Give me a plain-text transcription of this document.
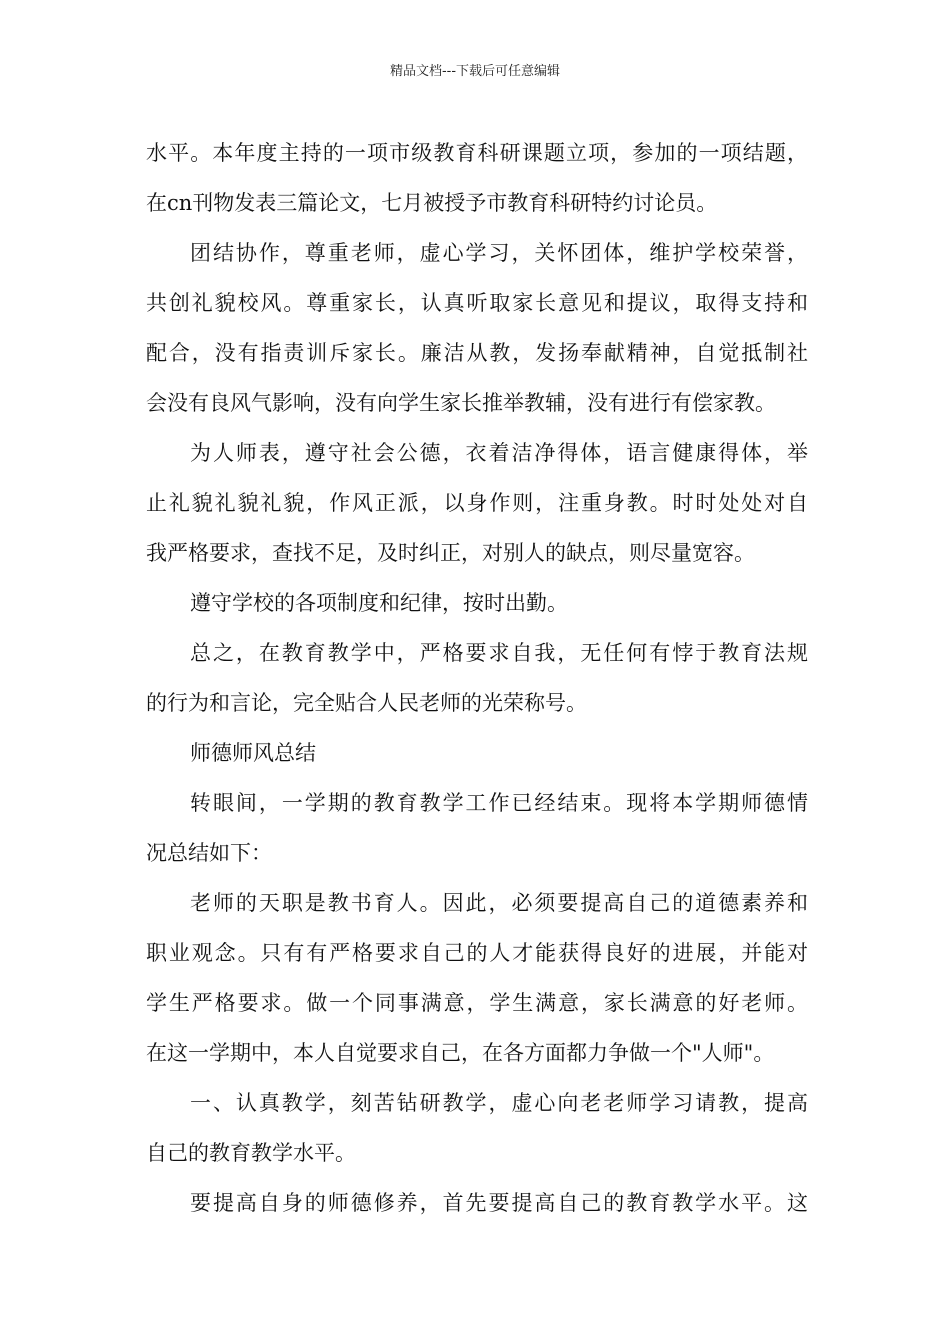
精品文档---下载后可任意编辑
水平。本年度主持的一项市级教育科研课题立项，参加的一项结题，
在cn刊物发表三篇论文，七月被授予市教育科研特约讨论员。
团结协作，尊重老师，虚心学习，关怀团体，维护学校荣誉，
共创礼貌校风。尊重家长，认真听取家长意见和提议，取得支持和
配合，没有指责训斥家长。廉洁从教，发扬奉献精神，自觉抵制社
会没有良风气影响，没有向学生家长推举教辅，没有进行有偿家教。
为人师表，遵守社会公德，衣着洁净得体，语言健康得体，举
止礼貌礼貌礼貌，作风正派，以身作则，注重身教。时时处处对自
我严格要求，查找不足，及时纠正，对别人的缺点，则尽量宽容。
遵守学校的各项制度和纪律，按时出勤。
总之，在教育教学中，严格要求自我，无任何有悖于教育法规
的行为和言论，完全贴合人民老师的光荣称号。
师德师风总结
转眼间，一学期的教育教学工作已经结束。现将本学期师德情
况总结如下：
老师的天职是教书育人。因此，必须要提高自己的道德素养和
职业观念。只有有严格要求自己的人才能获得良好的进展，并能对
学生严格要求。做一个同事满意，学生满意，家长满意的好老师。
在这一学期中，本人自觉要求自己，在各方面都力争做一个"人师"。
一、认真教学，刻苦钻研教学，虚心向老老师学习请教，提高
自己的教育教学水平。
要提高自身的师德修养，首先要提高自己的教育教学水平。这
